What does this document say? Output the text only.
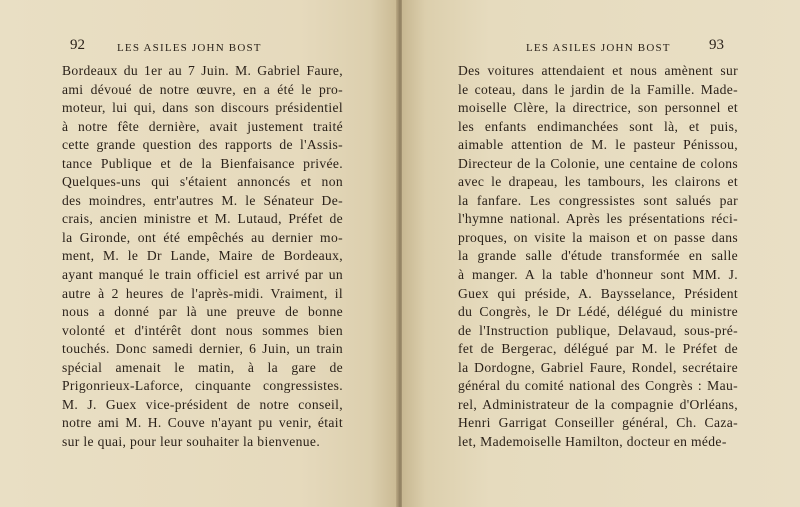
92	LES ASILES JOHN BOST	LES ASILES JOHN BOST	93
Bordeaux du 1er au 7 Juin. M. Gabriel Faure,
ami dévoué de notre œuvre, en a été le pro-
moteur, lui qui, dans son discours présidentiel
à notre fête dernière, avait justement traité
cette grande question des rapports de l'Assis-
tance Publique et de la Bienfaisance privée.
Quelques-uns qui s'étaient annoncés et non
des moindres, entr'autres M. le Sénateur De-
crais, ancien ministre et M. Lutaud, Préfet de
la Gironde, ont été empêchés au dernier mo-
ment, M. le Dr Lande, Maire de Bordeaux,
ayant manqué le train officiel est arrivé par un
autre à 2 heures de l'après-midi. Vraiment, il
nous a donné par là une preuve de bonne
volonté et d'intérêt dont nous sommes bien
touchés. Donc samedi dernier, 6 Juin, un train
spécial amenait le matin, à la gare de
Prigonrieux-Laforce, cinquante congressistes.
M. J. Guex vice-président de notre conseil,
notre ami M. H. Couve n'ayant pu venir, était
sur le quai, pour leur souhaiter la bienvenue.
Des voitures attendaient et nous amènent sur
le coteau, dans le jardin de la Famille. Made-
moiselle Clère, la directrice, son personnel et
les enfants endimanchées sont là, et puis,
aimable attention de M. le pasteur Pénissou,
Directeur de la Colonie, une centaine de colons
avec le drapeau, les tambours, les clairons et
la fanfare. Les congressistes sont salués par
l'hymne national. Après les présentations réci-
proques, on visite la maison et on passe dans
la grande salle d'étude transformée en salle
à manger. A la table d'honneur sont MM. J.
Guex qui préside, A. Baysselance, Président
du Congrès, le Dr Lédé, délégué du ministre
de l'Instruction publique, Delavaud, sous-pré-
fet de Bergerac, délégué par M. le Préfet de
la Dordogne, Gabriel Faure, Rondel, secrétaire
général du comité national des Congrès : Mau-
rel, Administrateur de la compagnie d'Orléans,
Henri Garrigat Conseiller général, Ch. Caza-
let, Mademoiselle Hamilton, docteur en méde-
